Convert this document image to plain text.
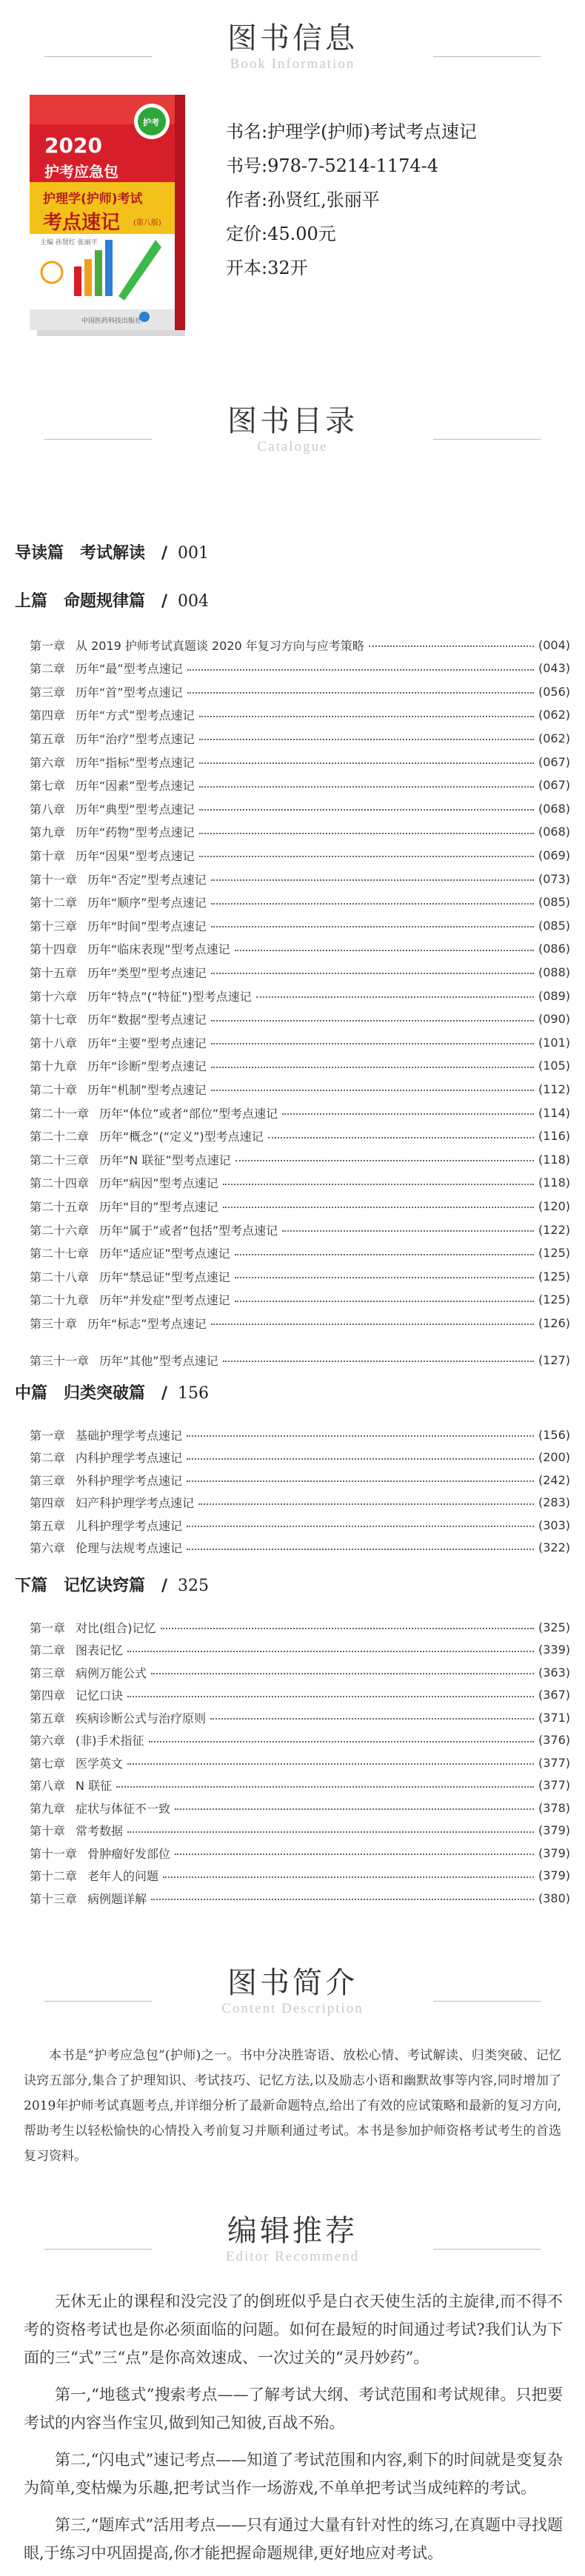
图书信息
Book Information
2020
护考应急包
护理学(护师)考试
考点速记 (第八版)
主编 孙贤红 张丽平
中国医药科技出版社
护考	书名: 护理学(护师)考试考点速记
书号: 978-7-5214-1174-4
作者: 孙贤红,张丽平
定价: 45.00元
开本: 32开
图书目录
Catalogue
导读篇　考试解读　/ 001
上篇　命题规律篇　/ 004
第一章 从 2019 护师考试真题谈 2020 年复习方向与应考策略	(004)
第二章 历年“最”型考点速记	(043)
第三章 历年“首”型考点速记	(056)
第四章 历年“方式”型考点速记	(062)
第五章 历年“治疗”型考点速记	(062)
第六章 历年“指标”型考点速记	(067)
第七章 历年“因素”型考点速记	(067)
第八章 历年“典型”型考点速记	(068)
第九章 历年“药物”型考点速记	(068)
第十章 历年“因果”型考点速记	(069)
第十一章 历年“否定”型考点速记	(073)
第十二章 历年“顺序”型考点速记	(085)
第十三章 历年“时间”型考点速记	(085)
第十四章 历年“临床表现”型考点速记	(086)
第十五章 历年“类型”型考点速记	(088)
第十六章 历年“特点”(“特征”)型考点速记	(089)
第十七章 历年“数据”型考点速记	(090)
第十八章 历年“主要”型考点速记	(101)
第十九章 历年“诊断”型考点速记	(105)
第二十章 历年“机制”型考点速记	(112)
第二十一章 历年“体位”或者“部位”型考点速记	(114)
第二十二章 历年“概念”(“定义”)型考点速记	(116)
第二十三章 历年“N 联征”型考点速记	(118)
第二十四章 历年“病因”型考点速记	(118)
第二十五章 历年“目的”型考点速记	(120)
第二十六章 历年“属于”或者“包括”型考点速记	(122)
第二十七章 历年“适应证”型考点速记	(125)
第二十八章 历年“禁忌证”型考点速记	(125)
第二十九章 历年“并发症”型考点速记	(125)
第三十章 历年“标志”型考点速记	(126)
第三十一章 历年“其他”型考点速记	(127)
中篇　归类突破篇　/ 156
第一章 基础护理学考点速记	(156)
第二章 内科护理学考点速记	(200)
第三章 外科护理学考点速记	(242)
第四章 妇产科护理学考点速记	(283)
第五章 儿科护理学考点速记	(303)
第六章 伦理与法规考点速记	(322)
下篇　记忆诀窍篇　/ 325
第一章 对比(组合)记忆	(325)
第二章 图表记忆	(339)
第三章 病例万能公式	(363)
第四章 记忆口诀	(367)
第五章 疾病诊断公式与治疗原则	(371)
第六章 (非)手术指征	(376)
第七章 医学英文	(377)
第八章 N 联征	(377)
第九章 症状与体征不一致	(378)
第十章 常考数据	(379)
第十一章 骨肿瘤好发部位	(379)
第十二章 老年人的问题	(379)
第十三章 病例题详解	(380)
图书简介
Content Description

本书是“护考应急包”(护师)之一。书中分决胜寄语、放松心情、考试解读、归类突破、记忆诀窍五部分,集合了护理知识、考试技巧、记忆方法,以及励志小语和幽默故事等内容,同时增加了2019年护师考试真题考点,并详细分析了最新命题特点,给出了有效的应试策略和最新的复习方向,帮助考生以轻松愉快的心情投入考前复习并顺利通过考试。本书是参加护师资格考试考生的首选复习资料。

编辑推荐
Editor Recommend

无休无止的课程和没完没了的倒班似乎是白衣天使生活的主旋律,而不得不考的资格考试也是你必须面临的问题。如何在最短的时间通过考试?我们认为下面的三“式”三“点”是你高效速成、一次过关的“灵丹妙药”。

第一,“地毯式”搜索考点——了解考试大纲、考试范围和考试规律。只把要考试的内容当作宝贝,做到知己知彼,百战不殆。

第二,“闪电式”速记考点——知道了考试范围和内容,剩下的时间就是变复杂为简单,变枯燥为乐趣,把考试当作一场游戏,不单单把考试当成纯粹的考试。

第三,“题库式”活用考点——只有通过大量有针对性的练习,在真题中寻找题眼,于练习中巩固提高,你才能把握命题规律,更好地应对考试。
